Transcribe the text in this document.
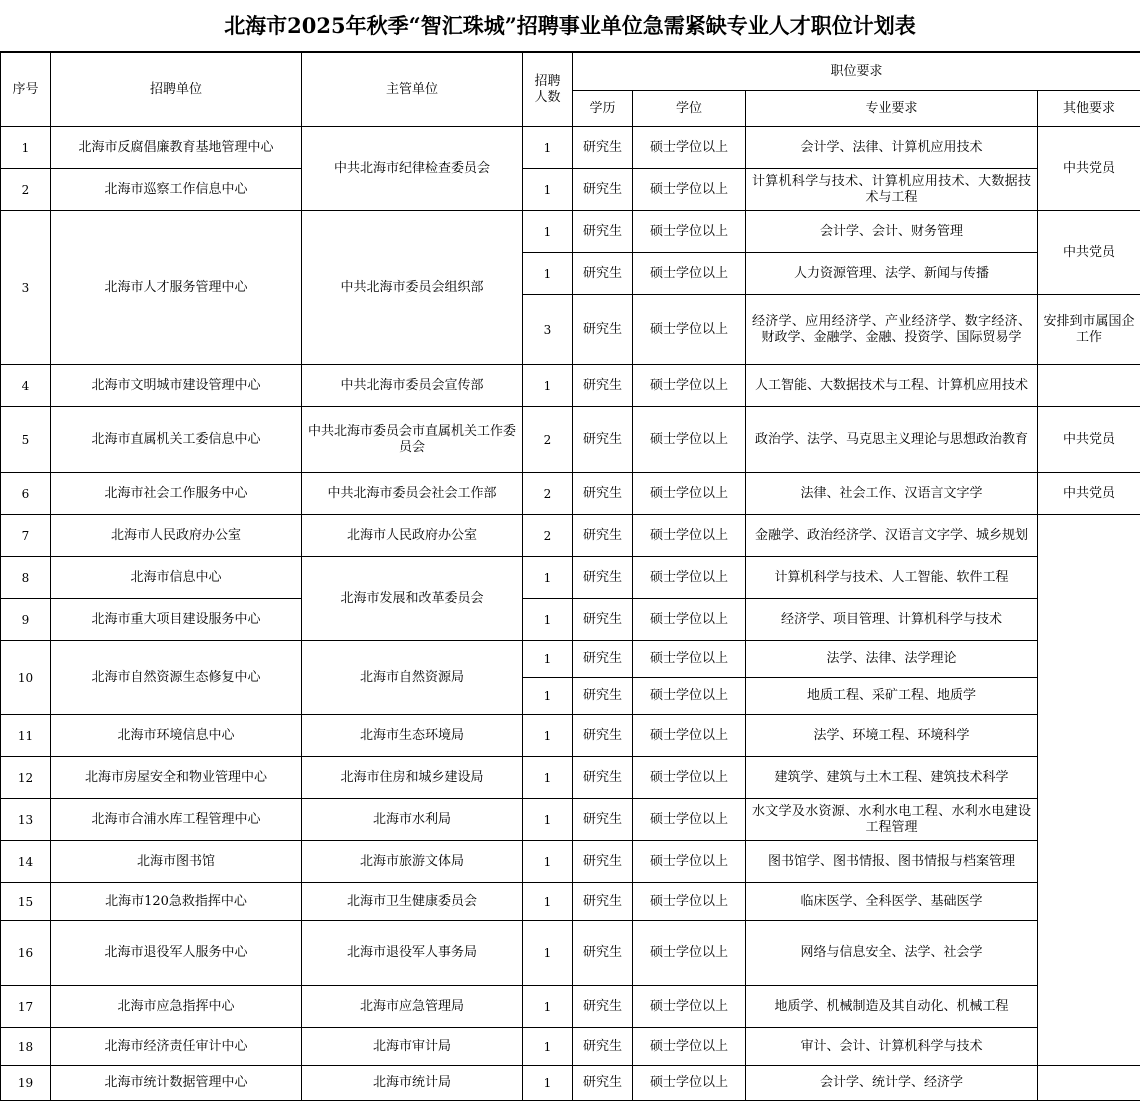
北海市2025年秋季“智汇珠城”招聘事业单位急需紧缺专业人才职位计划表
序号	招聘单位	主管单位	招聘人数	职位要求				
				学历	学位	专业要求	其他要求	
1	北海市反腐倡廉教育基地管理中心	中共北海市纪律检查委员会	1	研究生	硕士学位以上	会计学、法律、计算机应用技术	中共党员	
2	北海市巡察工作信息中心		1	研究生	硕士学位以上	计算机科学与技术、计算机应用技术、大数据技术与工程		

3	北海市人才服务管理中心	中共北海市委员会组织部	1	研究生	硕士学位以上	会计学、会计、财务管理	中共党员	
			1	研究生	硕士学位以上	人力资源管理、法学、新闻与传播		

			3	研究生	硕士学位以上	经济学、应用经济学、产业经济学、数字经济、财政学、金融学、金融、投资学、国际贸易学	安排到市属国企工作	
4	北海市文明城市建设管理中心	中共北海市委员会宣传部	1	研究生	硕士学位以上	人工智能、大数据技术与工程、计算机应用技术		

5	北海市直属机关工委信息中心	中共北海市委员会市直属机关工作委员会	2	研究生	硕士学位以上	政治学、法学、马克思主义理论与思想政治教育	中共党员	
6	北海市社会工作服务中心	中共北海市委员会社会工作部	2	研究生	硕士学位以上	法律、社会工作、汉语言文字学	中共党员	
7	北海市人民政府办公室	北海市人民政府办公室	2	研究生	硕士学位以上	金融学、政治经济学、汉语言文字学、城乡规划		

8	北海市信息中心	北海市发展和改革委员会	1	研究生	硕士学位以上	计算机科学与技术、人工智能、软件工程		

9	北海市重大项目建设服务中心		1	研究生	硕士学位以上	经济学、项目管理、计算机科学与技术		

10	北海市自然资源生态修复中心	北海市自然资源局	1	研究生	硕士学位以上	法学、法律、法学理论		

			1	研究生	硕士学位以上	地质工程、采矿工程、地质学		

11	北海市环境信息中心	北海市生态环境局	1	研究生	硕士学位以上	法学、环境工程、环境科学		

12	北海市房屋安全和物业管理中心	北海市住房和城乡建设局	1	研究生	硕士学位以上	建筑学、建筑与土木工程、建筑技术科学		

13	北海市合浦水库工程管理中心	北海市水利局	1	研究生	硕士学位以上	水文学及水资源、水利水电工程、水利水电建设工程管理		

14	北海市图书馆	北海市旅游文体局	1	研究生	硕士学位以上	图书馆学、图书情报、图书情报与档案管理		

15	北海市120急救指挥中心	北海市卫生健康委员会	1	研究生	硕士学位以上	临床医学、全科医学、基础医学		

16	北海市退役军人服务中心	北海市退役军人事务局	1	研究生	硕士学位以上	网络与信息安全、法学、社会学

17	北海市应急指挥中心	北海市应急管理局	1	研究生	硕士学位以上	地质学、机械制造及其自动化、机械工程		

18	北海市经济责任审计中心	北海市审计局	1	研究生	硕士学位以上	审计、会计、计算机科学与技术		

19	北海市统计数据管理中心	北海市统计局	1	研究生	硕士学位以上	会计学、统计学、经济学		
